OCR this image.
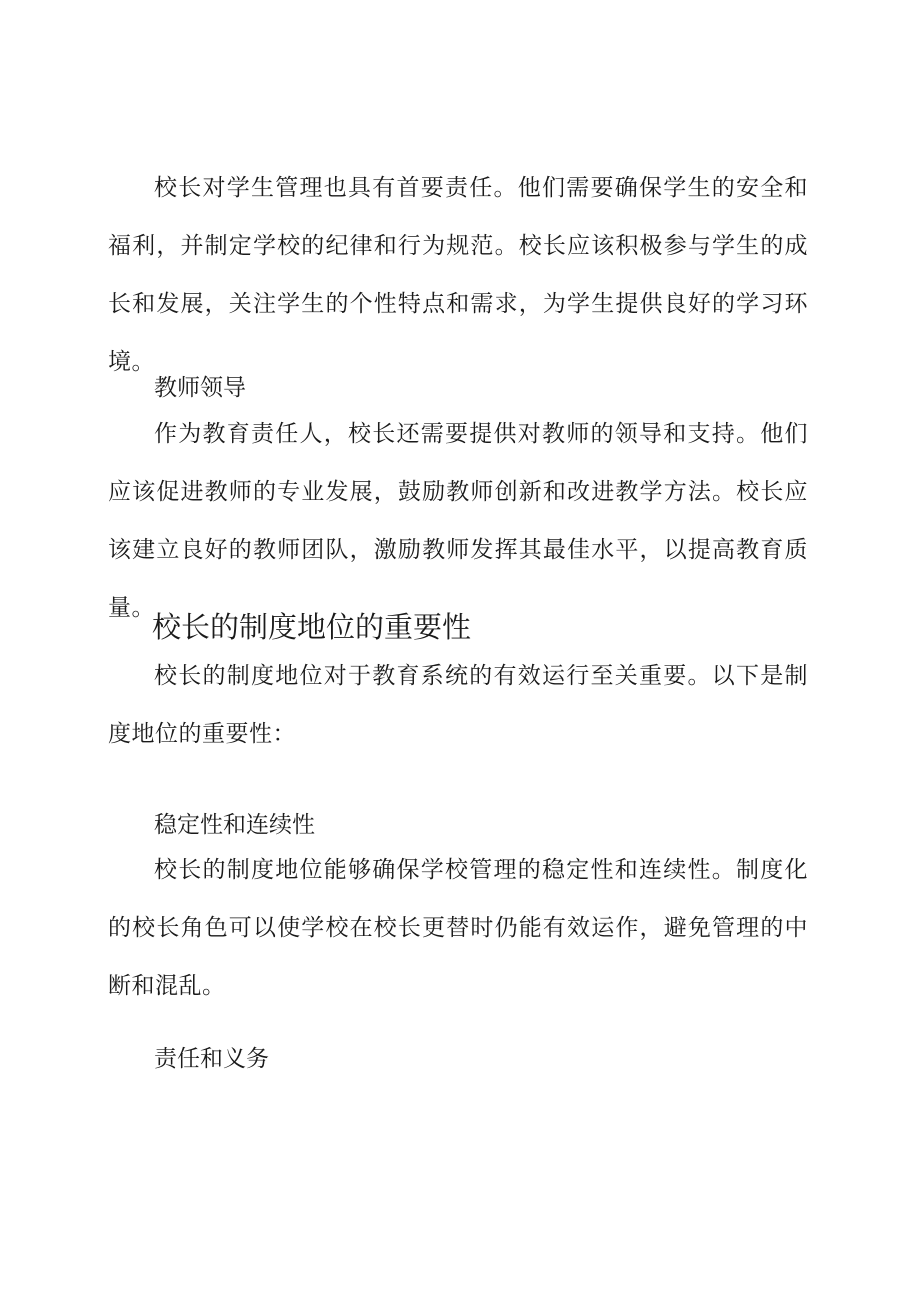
校长对学生管理也具有首要责任。他们需要确保学生的安全和福利，并制定学校的纪律和行为规范。校长应该积极参与学生的成长和发展，关注学生的个性特点和需求，为学生提供良好的学习环境。

教师领导

作为教育责任人，校长还需要提供对教师的领导和支持。他们应该促进教师的专业发展，鼓励教师创新和改进教学方法。校长应该建立良好的教师团队，激励教师发挥其最佳水平，以提高教育质量。

校长的制度地位的重要性

校长的制度地位对于教育系统的有效运行至关重要。以下是制度地位的重要性：

稳定性和连续性

校长的制度地位能够确保学校管理的稳定性和连续性。制度化的校长角色可以使学校在校长更替时仍能有效运作，避免管理的中断和混乱。

责任和义务
